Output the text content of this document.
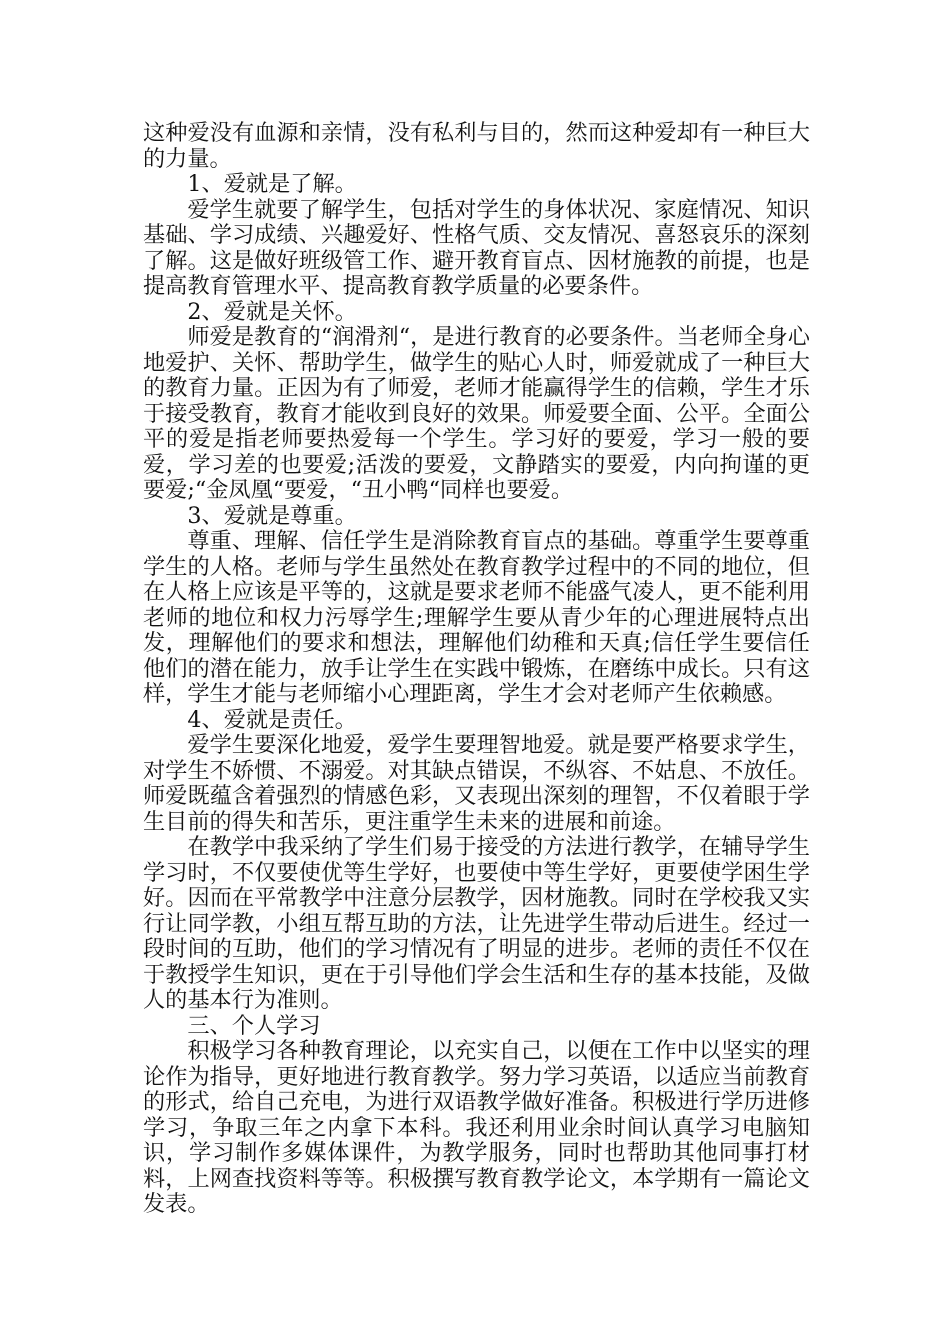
这种爱没有血源和亲情，没有私利与目的，然而这种爱却有一种巨大的力量。

1、爱就是了解。

爱学生就要了解学生，包括对学生的身体状况、家庭情况、知识基础、学习成绩、兴趣爱好、性格气质、交友情况、喜怒哀乐的深刻了解。这是做好班级管工作、避开教育盲点、因材施教的前提，也是提高教育管理水平、提高教育教学质量的必要条件。

2、爱就是关怀。

师爱是教育的“润滑剂“，是进行教育的必要条件。当老师全身心地爱护、关怀、帮助学生，做学生的贴心人时，师爱就成了一种巨大的教育力量。正因为有了师爱，老师才能赢得学生的信赖，学生才乐于接受教育，教育才能收到良好的效果。师爱要全面、公平。全面公平的爱是指老师要热爱每一个学生。学习好的要爱，学习一般的要爱，学习差的也要爱;活泼的要爱，文静踏实的要爱，内向拘谨的更要爱;“金凤凰“要爱，“丑小鸭“同样也要爱。

3、爱就是尊重。

尊重、理解、信任学生是消除教育盲点的基础。尊重学生要尊重学生的人格。老师与学生虽然处在教育教学过程中的不同的地位，但在人格上应该是平等的，这就是要求老师不能盛气凌人，更不能利用老师的地位和权力污辱学生;理解学生要从青少年的心理进展特点出发，理解他们的要求和想法，理解他们幼稚和天真;信任学生要信任他们的潜在能力，放手让学生在实践中锻炼，在磨练中成长。只有这样，学生才能与老师缩小心理距离，学生才会对老师产生依赖感。

4、爱就是责任。

爱学生要深化地爱，爱学生要理智地爱。就是要严格要求学生，对学生不娇惯、不溺爱。对其缺点错误，不纵容、不姑息、不放任。师爱既蕴含着强烈的情感色彩，又表现出深刻的理智，不仅着眼于学生目前的得失和苦乐，更注重学生未来的进展和前途。

在教学中我采纳了学生们易于接受的方法进行教学，在辅导学生学习时，不仅要使优等生学好，也要使中等生学好，更要使学困生学好。因而在平常教学中注意分层教学，因材施教。同时在学校我又实行让同学教，小组互帮互助的方法，让先进学生带动后进生。经过一段时间的互助，他们的学习情况有了明显的进步。老师的责任不仅在于教授学生知识，更在于引导他们学会生活和生存的基本技能，及做人的基本行为准则。

三、个人学习

积极学习各种教育理论，以充实自己，以便在工作中以坚实的理论作为指导，更好地进行教育教学。努力学习英语，以适应当前教育的形式，给自己充电，为进行双语教学做好准备。积极进行学历进修学习，争取三年之内拿下本科。我还利用业余时间认真学习电脑知识，学习制作多媒体课件，为教学服务，同时也帮助其他同事打材料，上网查找资料等等。积极撰写教育教学论文，本学期有一篇论文发表。
